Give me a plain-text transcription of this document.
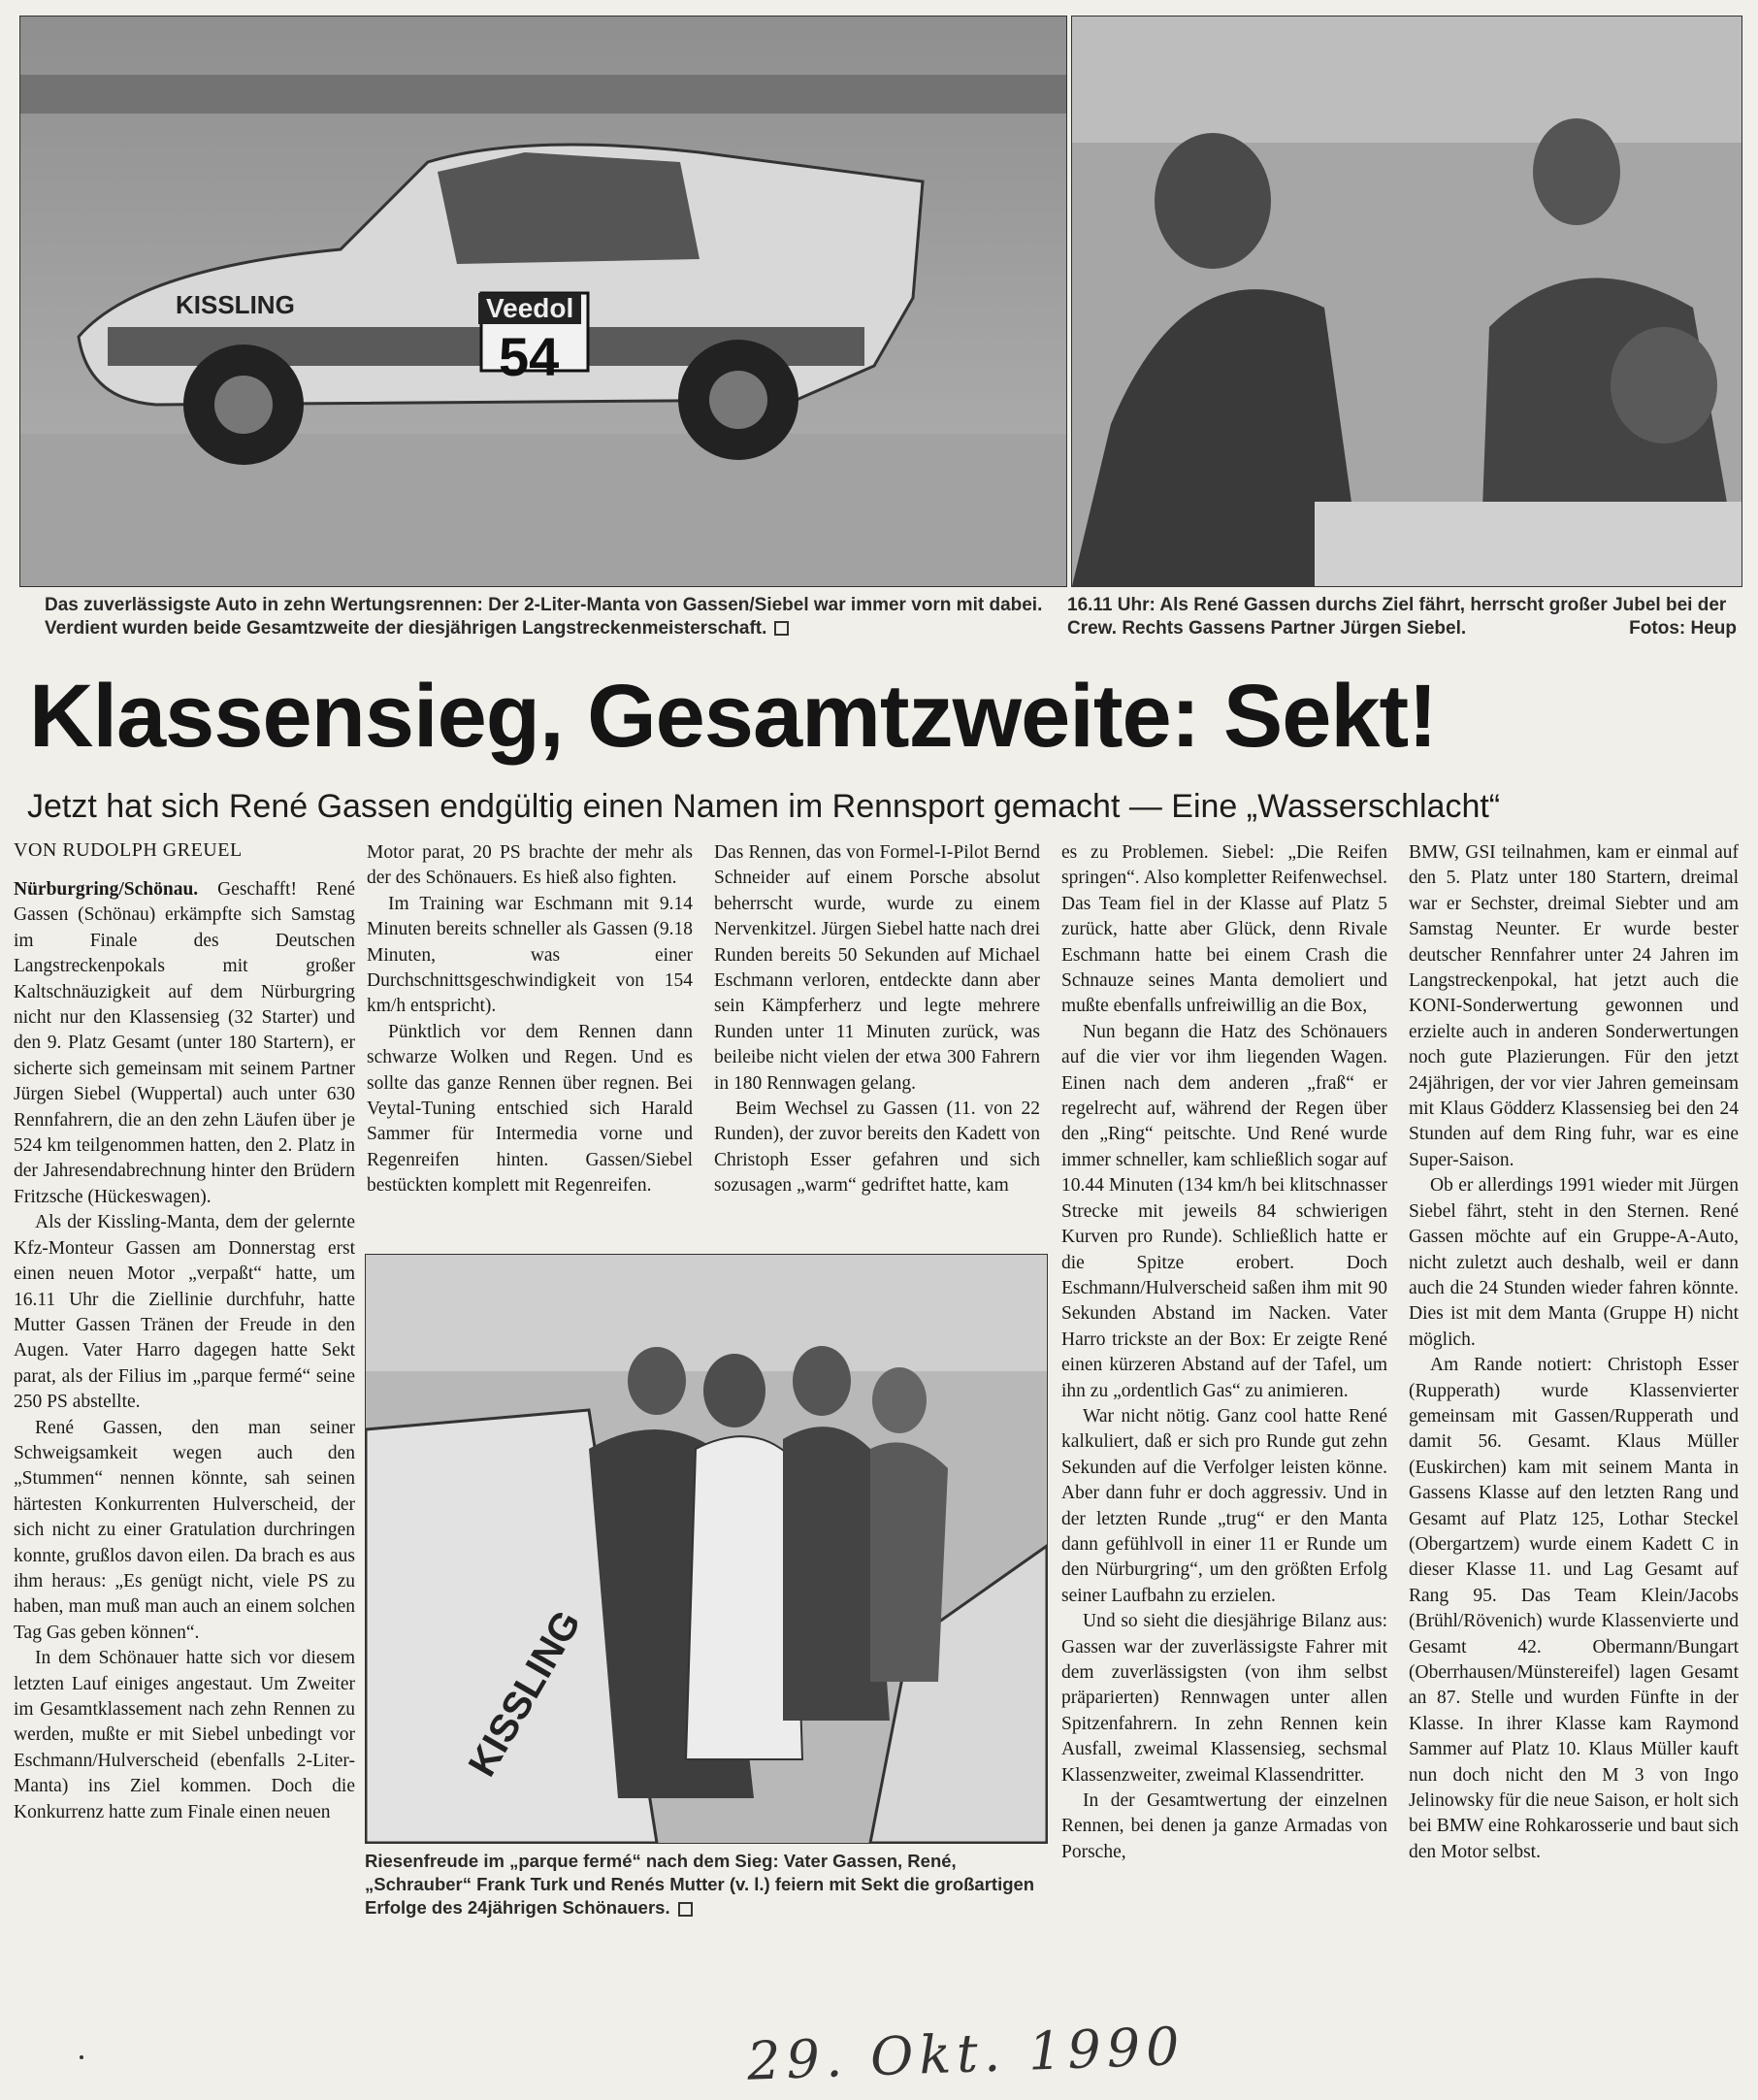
KISSLING	Veedol
54
Das zuverlässigste Auto in zehn Wertungsrennen: Der 2-Liter-Manta von Gassen/Siebel war immer vorn mit dabei. Verdient wurden beide Gesamtzweite der diesjährigen Langstreckenmeisterschaft.
16.11 Uhr: Als René Gassen durchs Ziel fährt, herrscht großer Jubel bei der Crew. Rechts Gassens Partner Jürgen Siebel.	Fotos: Heup
Klassensieg, Gesamtzweite: Sekt!
Jetzt hat sich René Gassen endgültig einen Namen im Rennsport gemacht — Eine „Wasserschlacht“
VON RUDOLPH GREUEL

Nürburgring/Schönau. Geschafft! René Gassen (Schönau) erkämpfte sich Samstag im Finale des Deutschen Langstreckenpokals mit großer Kaltschnäuzigkeit auf dem Nürburgring nicht nur den Klassensieg (32 Starter) und den 9. Platz Gesamt (unter 180 Startern), er sicherte sich gemeinsam mit seinem Partner Jürgen Siebel (Wuppertal) auch unter 630 Rennfahrern, die an den zehn Läufen über je 524 km teilgenommen hatten, den 2. Platz in der Jahresendabrechnung hinter den Brüdern Fritzsche (Hückeswagen).

Als der Kissling-Manta, dem der gelernte Kfz-Monteur Gassen am Donnerstag erst einen neuen Motor „verpaßt“ hatte, um 16.11 Uhr die Ziellinie durchfuhr, hatte Mutter Gassen Tränen der Freude in den Augen. Vater Harro dagegen hatte Sekt parat, als der Filius im „parque fermé“ seine 250 PS abstellte.

René Gassen, den man seiner Schweigsamkeit wegen auch den „Stummen“ nennen könnte, sah seinen härtesten Konkurrenten Hulverscheid, der sich nicht zu einer Gratulation durchringen konnte, grußlos davon eilen. Da brach es aus ihm heraus: „Es genügt nicht, viele PS zu haben, man muß man auch an einem solchen Tag Gas geben können“.

In dem Schönauer hatte sich vor diesem letzten Lauf einiges angestaut. Um Zweiter im Gesamtklassement nach zehn Rennen zu werden, mußte er mit Siebel unbedingt vor Eschmann/Hulverscheid (ebenfalls 2-Liter-Manta) ins Ziel kommen. Doch die Konkurrenz hatte zum Finale einen neuen

Motor parat, 20 PS brachte der mehr als der des Schönauers. Es hieß also fighten.

Im Training war Eschmann mit 9.14 Minuten bereits schneller als Gassen (9.18 Minuten, was einer Durchschnittsgeschwindigkeit von 154 km/h entspricht).

Pünktlich vor dem Rennen dann schwarze Wolken und Regen. Und es sollte das ganze Rennen über regnen. Bei Veytal-Tuning entschied sich Harald Sammer für Intermedia vorne und Regenreifen hinten. Gassen/Siebel bestückten komplett mit Regenreifen.

Das Rennen, das von Formel-I-Pilot Bernd Schneider auf einem Porsche absolut beherrscht wurde, wurde zu einem Nervenkitzel. Jürgen Siebel hatte nach drei Runden bereits 50 Sekunden auf Michael Eschmann verloren, entdeckte dann aber sein Kämpferherz und legte mehrere Runden unter 11 Minuten zurück, was beileibe nicht vielen der etwa 300 Fahrern in 180 Rennwagen gelang.

Beim Wechsel zu Gassen (11. von 22 Runden), der zuvor bereits den Kadett von Christoph Esser gefahren und sich sozusagen „warm“ gedriftet hatte, kam

KISSLING
Riesenfreude im „parque fermé“ nach dem Sieg: Vater Gassen, René, „Schrauber“ Frank Turk und Renés Mutter (v. l.) feiern mit Sekt die großartigen Erfolge des 24jährigen Schönauers.

es zu Problemen. Siebel: „Die Reifen springen“. Also kompletter Reifenwechsel. Das Team fiel in der Klasse auf Platz 5 zurück, hatte aber Glück, denn Rivale Eschmann hatte bei einem Crash die Schnauze seines Manta demoliert und mußte ebenfalls unfreiwillig an die Box,

Nun begann die Hatz des Schönauers auf die vier vor ihm liegenden Wagen. Einen nach dem anderen „fraß“ er regelrecht auf, während der Regen über den „Ring“ peitschte. Und René wurde immer schneller, kam schließlich sogar auf 10.44 Minuten (134 km/h bei klitschnasser Strecke mit jeweils 84 schwierigen Kurven pro Runde). Schließlich hatte er die Spitze erobert. Doch Eschmann/Hulverscheid saßen ihm mit 90 Sekunden Abstand im Nacken. Vater Harro trickste an der Box: Er zeigte René einen kürzeren Abstand auf der Tafel, um ihn zu „ordentlich Gas“ zu animieren.

War nicht nötig. Ganz cool hatte René kalkuliert, daß er sich pro Runde gut zehn Sekunden auf die Verfolger leisten könne. Aber dann fuhr er doch aggressiv. Und in der letzten Runde „trug“ er den Manta dann gefühlvoll in einer 11 er Runde um den Nürburgring“, um den größten Erfolg seiner Laufbahn zu erzielen.

Und so sieht die diesjährige Bilanz aus: Gassen war der zuverlässigste Fahrer mit dem zuverlässigsten (von ihm selbst präparierten) Rennwagen unter allen Spitzenfahrern. In zehn Rennen kein Ausfall, zweimal Klassensieg, sechsmal Klassenzweiter, zweimal Klassendritter.

In der Gesamtwertung der einzelnen Rennen, bei denen ja ganze Armadas von Porsche,

BMW, GSI teilnahmen, kam er einmal auf den 5. Platz unter 180 Startern, dreimal war er Sechster, dreimal Siebter und am Samstag Neunter. Er wurde bester deutscher Rennfahrer unter 24 Jahren im Langstreckenpokal, hat jetzt auch die KONI-Sonderwertung gewonnen und erzielte auch in anderen Sonderwertungen noch gute Plazierungen. Für den jetzt 24jährigen, der vor vier Jahren gemeinsam mit Klaus Gödderz Klassensieg bei den 24 Stunden auf dem Ring fuhr, war es eine Super-Saison.

Ob er allerdings 1991 wieder mit Jürgen Siebel fährt, steht in den Sternen. René Gassen möchte auf ein Gruppe-A-Auto, nicht zuletzt auch deshalb, weil er dann auch die 24 Stunden wieder fahren könnte. Dies ist mit dem Manta (Gruppe H) nicht möglich.

Am Rande notiert: Christoph Esser (Rupperath) wurde Klassenvierter gemeinsam mit Gassen/Rupperath und damit 56. Gesamt. Klaus Müller (Euskirchen) kam mit seinem Manta in Gassens Klasse auf den letzten Rang und Gesamt auf Platz 125, Lothar Steckel (Obergartzem) wurde einem Kadett C in dieser Klasse 11. und Lag Gesamt auf Rang 95. Das Team Klein/Jacobs (Brühl/Rövenich) wurde Klassenvierte und Gesamt 42. Obermann/Bungart (Oberrhausen/Münstereifel) lagen Gesamt an 87. Stelle und wurden Fünfte in der Klasse. In ihrer Klasse kam Raymond Sammer auf Platz 10. Klaus Müller kauft nun doch nicht den M 3 von Ingo Jelinowsky für die neue Saison, er holt sich bei BMW eine Rohkarosserie und baut sich den Motor selbst.

29. Okt. 1990
